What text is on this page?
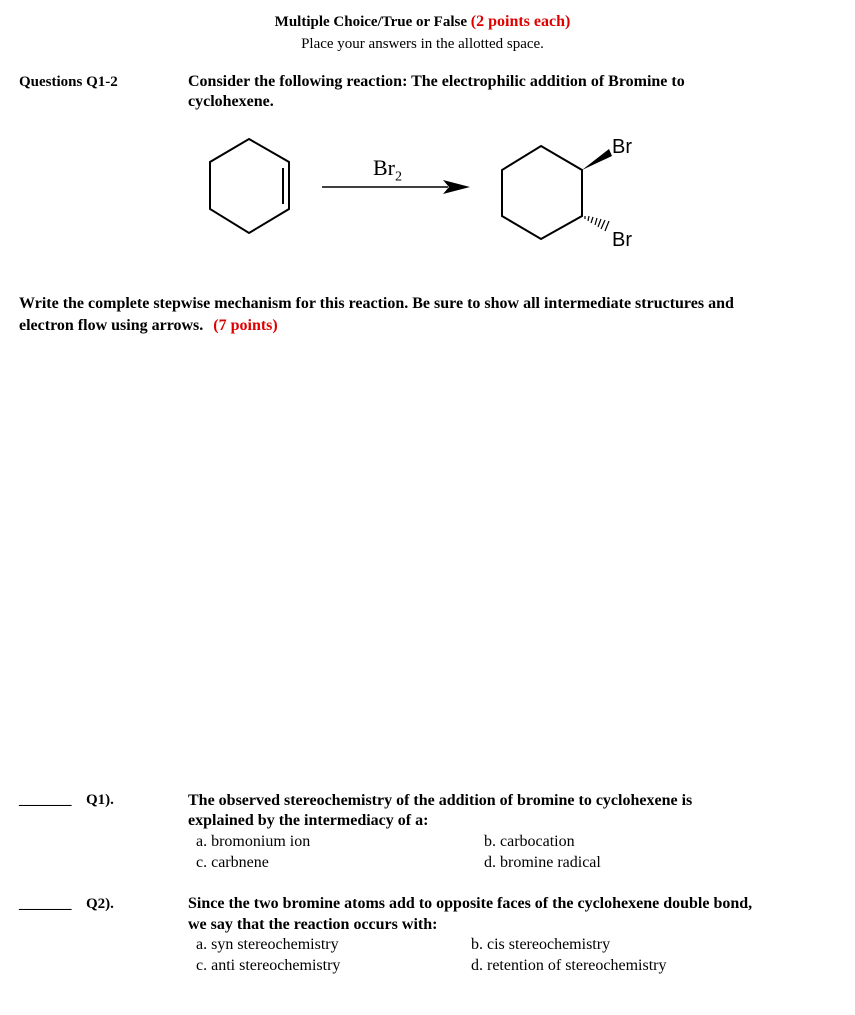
Multiple Choice/True or False (2 points each)
Place your answers in the allotted space.
Questions Q1-2	Consider the following reaction: The electrophilic addition of Bromine to
cyclohexene.
$Br_2$
Br
Br
Write the complete stepwise mechanism for this reaction. Be sure to show all intermediate structures and
electron flow using arrows. (7 points)
_______ Q1).	The observed stereochemistry of the addition of bromine to cyclohexene is
explained by the intermediacy of a:
a. bromonium ion	b. carbocation
c. carbnene	d. bromine radical
_______ Q2).	Since the two bromine atoms add to opposite faces of the cyclohexene double bond,
we say that the reaction occurs with:
a. syn stereochemistry	b. cis stereochemistry
c. anti stereochemistry	d. retention of stereochemistry
